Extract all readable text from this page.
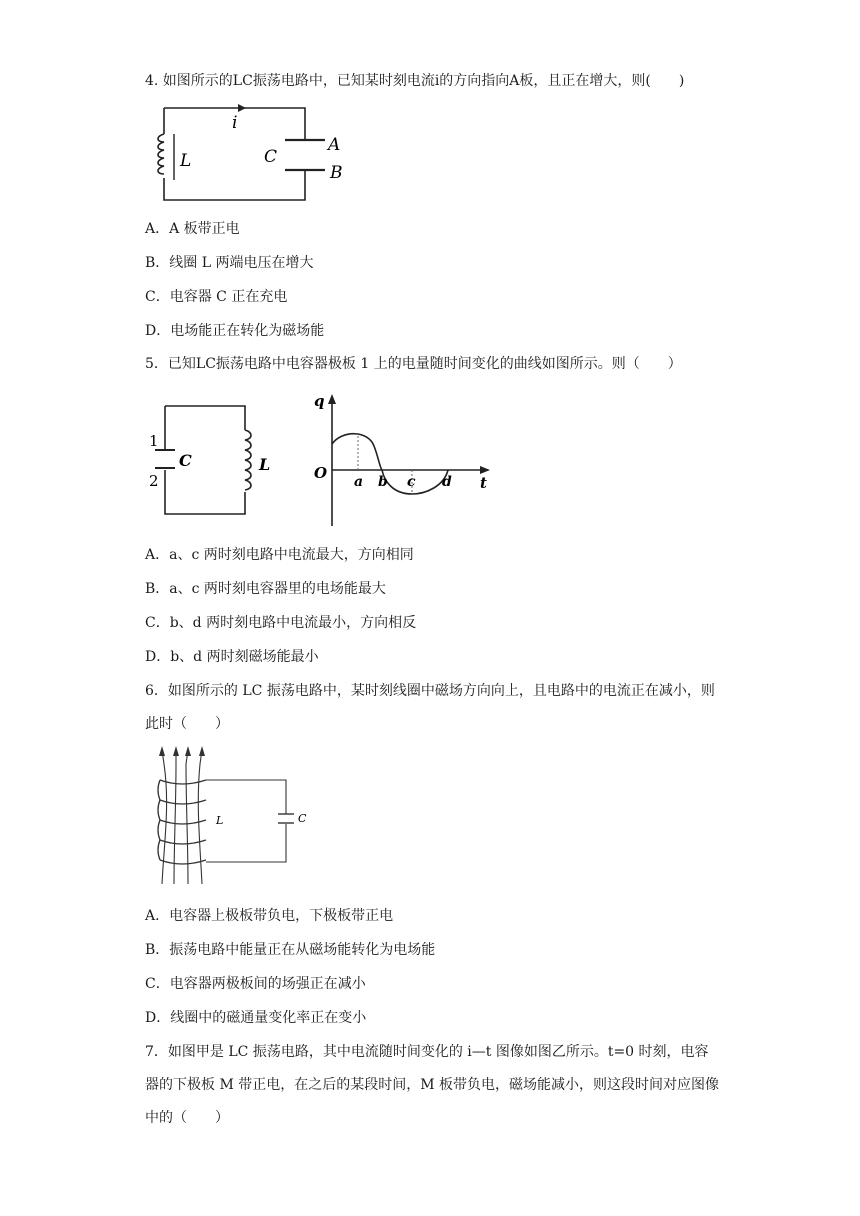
4. 如图所示的LC振荡电路中，已知某时刻电流i的方向指向A板，且正在增大，则(　　)
i
L	C
A
B
A．A 板带正电
B．线圈 L 两端电压在增大
C．电容器 C 正在充电
D．电场能正在转化为磁场能
5．已知LC振荡电路中电容器极板 1 上的电量随时间变化的曲线如图所示。则（　　）
1
2
C	L
q
O
t
a b c d
A．a、c 两时刻电路中电流最大，方向相同
B．a、c 两时刻电容器里的电场能最大
C．b、d 两时刻电路中电流最小，方向相反
D．b、d 两时刻磁场能最小
6．如图所示的 LC 振荡电路中，某时刻线圈中磁场方向向上，且电路中的电流正在减小，则此时（　　）
L	C
A．电容器上极板带负电，下极板带正电
B．振荡电路中能量正在从磁场能转化为电场能
C．电容器两极板间的场强正在减小
D．线圈中的磁通量变化率正在变小
7．如图甲是 LC 振荡电路，其中电流随时间变化的 i—t 图像如图乙所示。t=0 时刻，电容器的下极板 M 带正电，在之后的某段时间，M 板带负电，磁场能减小，则这段时间对应图像中的（　　）
